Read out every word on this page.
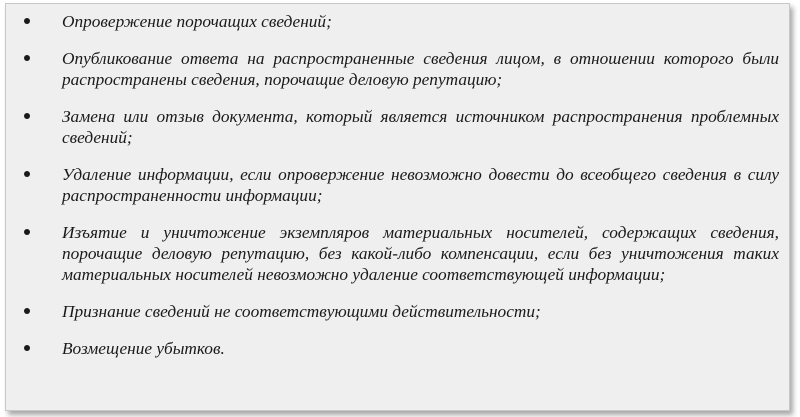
Опровержение порочащих сведений;
Опубликование ответа на распространенные сведения лицом, в отношении которого были распространены сведения, порочащие деловую репутацию;
Замена или отзыв документа, который является источником распространения проблемных сведений;
Удаление информации, если опровержение невозможно довести до всеобщего сведения в силу распространенности информации;
Изъятие и уничтожение экземпляров материальных носителей, содержащих сведения, порочащие деловую репутацию, без какой-либо компенсации, если без уничтожения таких материальных носителей невозможно удаление соответствующей информации;
Признание сведений не соответствующими действительности;
Возмещение убытков.
